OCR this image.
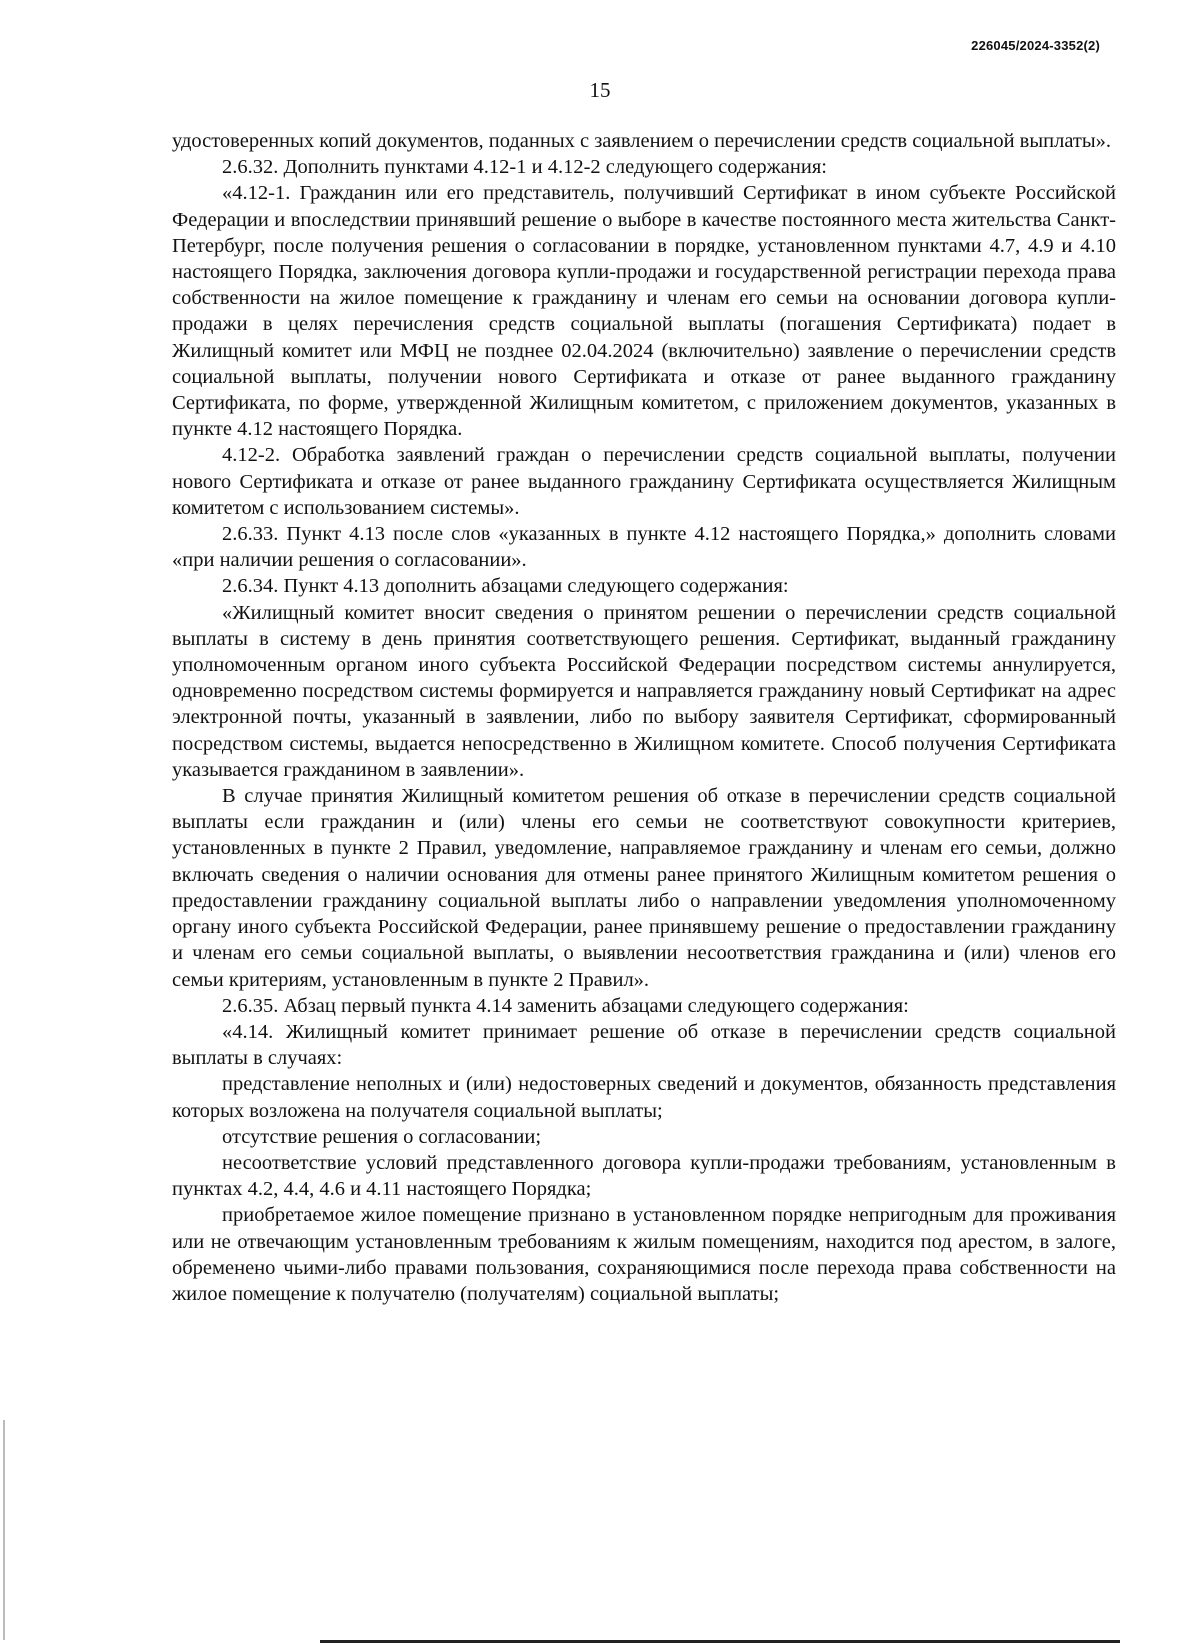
226045/2024-3352(2)
15

удостоверенных копий документов, поданных с заявлением о перечислении средств социальной выплаты».

2.6.32. Дополнить пунктами 4.12-1 и 4.12-2 следующего содержания:

«4.12-1. Гражданин или его представитель, получивший Сертификат в ином субъекте Российской Федерации и впоследствии принявший решение о выборе в качестве постоянного места жительства Санкт-Петербург, после получения решения о согласовании в порядке, установленном пунктами 4.7, 4.9 и 4.10 настоящего Порядка, заключения договора купли-продажи и государственной регистрации перехода права собственности на жилое помещение к гражданину и членам его семьи на основании договора купли-продажи в целях перечисления средств социальной выплаты (погашения Сертификата) подает в Жилищный комитет или МФЦ не позднее 02.04.2024 (включительно) заявление о перечислении средств социальной выплаты, получении нового Сертификата и отказе от ранее выданного гражданину Сертификата, по форме, утвержденной Жилищным комитетом, с приложением документов, указанных в пункте 4.12 настоящего Порядка.

4.12-2. Обработка заявлений граждан о перечислении средств социальной выплаты, получении нового Сертификата и отказе от ранее выданного гражданину Сертификата осуществляется Жилищным комитетом с использованием системы».

2.6.33. Пункт 4.13 после слов «указанных в пункте 4.12 настоящего Порядка,» дополнить словами «при наличии решения о согласовании».

2.6.34. Пункт 4.13 дополнить абзацами следующего содержания:

«Жилищный комитет вносит сведения о принятом решении о перечислении средств социальной выплаты в систему в день принятия соответствующего решения. Сертификат, выданный гражданину уполномоченным органом иного субъекта Российской Федерации посредством системы аннулируется, одновременно посредством системы формируется и направляется гражданину новый Сертификат на адрес электронной почты, указанный в заявлении, либо по выбору заявителя Сертификат, сформированный посредством системы, выдается непосредственно в Жилищном комитете. Способ получения Сертификата указывается гражданином в заявлении».

В случае принятия Жилищный комитетом решения об отказе в перечислении средств социальной выплаты если гражданин и (или) члены его семьи не соответствуют совокупности критериев, установленных в пункте 2 Правил, уведомление, направляемое гражданину и членам его семьи, должно включать сведения о наличии основания для отмены ранее принятого Жилищным комитетом решения о предоставлении гражданину социальной выплаты либо о направлении уведомления уполномоченному органу иного субъекта Российской Федерации, ранее принявшему решение о предоставлении гражданину и членам его семьи социальной выплаты, о выявлении несоответствия гражданина и (или) членов его семьи критериям, установленным в пункте 2 Правил».

2.6.35. Абзац первый пункта 4.14 заменить абзацами следующего содержания:

«4.14. Жилищный комитет принимает решение об отказе в перечислении средств социальной выплаты в случаях:

представление неполных и (или) недостоверных сведений и документов, обязанность представления которых возложена на получателя социальной выплаты;

отсутствие решения о согласовании;

несоответствие условий представленного договора купли-продажи требованиям, установленным в пунктах 4.2, 4.4, 4.6 и 4.11 настоящего Порядка;

приобретаемое жилое помещение признано в установленном порядке непригодным для проживания или не отвечающим установленным требованиям к жилым помещениям, находится под арестом, в залоге, обременено чьими-либо правами пользования, сохраняющимися после перехода права собственности на жилое помещение к получателю (получателям) социальной выплаты;
